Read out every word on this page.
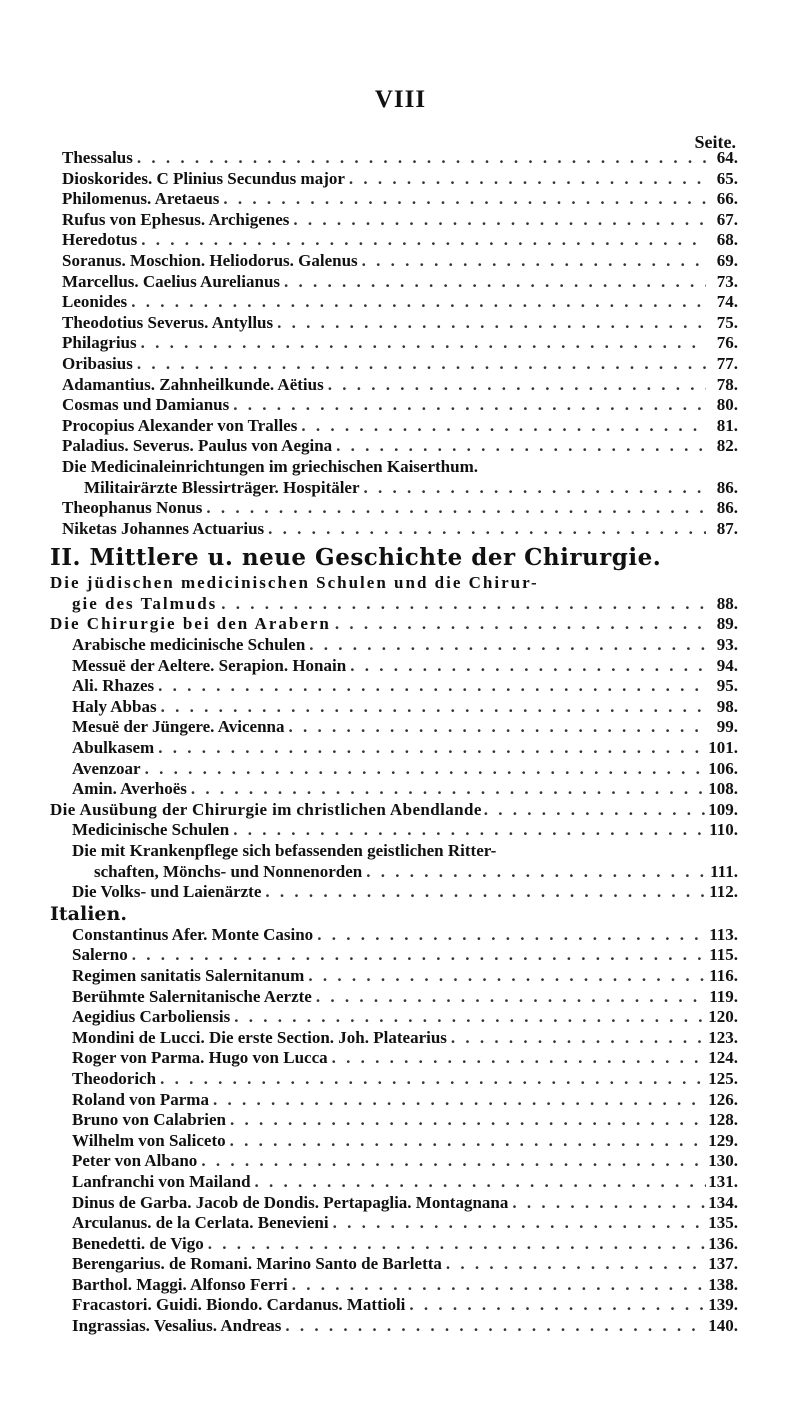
VIII
Seite.
Thessalus . . .	64.
Dioskorides. C Plinius Secundus major . . .	65.
Philomenus. Aretaeus . . .	66.
Rufus von Ephesus. Archigenes . . .	67.
Heredotus . . .	68.
Soranus. Moschion. Heliodorus. Galenus . . .	69.
Marcellus. Caelius Aurelianus . . .	73.
Leonides . . .	74.
Theodotius Severus. Antyllus . . .	75.
Philagrius . . .	76.
Oribasius . . .	77.
Adamantius. Zahnheilkunde. Aëtius . . .	78.
Cosmas und Damianus . . .	80.
Procopius Alexander von Tralles . . .	81.
Paladius. Severus. Paulus von Aegina . . .	82.
Die Medicinaleinrichtungen im griechischen Kaiserthum.
Militairärzte Blessirträger. Hospitäler . . .	86.
Theophanus Nonus . . .	86.
Niketas Johannes Actuarius . . .	87.
II. Mittlere u. neue Geschichte der Chirurgie.
Die jüdischen medicinischen Schulen und die Chirur-
gie des Talmuds . . .	88.
Die Chirurgie bei den Arabern . . .	89.
Arabische medicinische Schulen . . .	93.
Messuë der Aeltere. Serapion. Honain . . .	94.
Ali. Rhazes . . .	95.
Haly Abbas . . .	98.
Mesuë der Jüngere. Avicenna . . .	99.
Abulkasem . . .	101.
Avenzoar . . .	106.
Amin. Averhoës . . .	108.
Die Ausübung der Chirurgie im christlichen Abendlande . . .	109.
Medicinische Schulen . . .	110.
Die mit Krankenpflege sich befassenden geistlichen Ritter-
schaften, Mönchs- und Nonnenorden . . .	111.
Die Volks- und Laienärzte . . .	112.
Italien.
Constantinus Afer. Monte Casino . . .	113.
Salerno . . .	115.
Regimen sanitatis Salernitanum . . .	116.
Berühmte Salernitanische Aerzte . . .	119.
Aegidius Carboliensis . . .	120.
Mondini de Lucci. Die erste Section. Joh. Platearius . . .	123.
Roger von Parma. Hugo von Lucca . . .	124.
Theodorich . . .	125.
Roland von Parma . . .	126.
Bruno von Calabrien . . .	128.
Wilhelm von Saliceto . . .	129.
Peter von Albano . . .	130.
Lanfranchi von Mailand . . .	131.
Dinus de Garba. Jacob de Dondis. Pertapaglia. Montagnana . . .	134.
Arculanus. de la Cerlata. Benevieni . . .	135.
Benedetti. de Vigo . . .	136.
Berengarius. de Romani. Marino Santo de Barletta . . .	137.
Barthol. Maggi. Alfonso Ferri . . .	138.
Fracastori. Guidi. Biondo. Cardanus. Mattioli . . .	139.
Ingrassias. Vesalius. Andreas . . .	140.
